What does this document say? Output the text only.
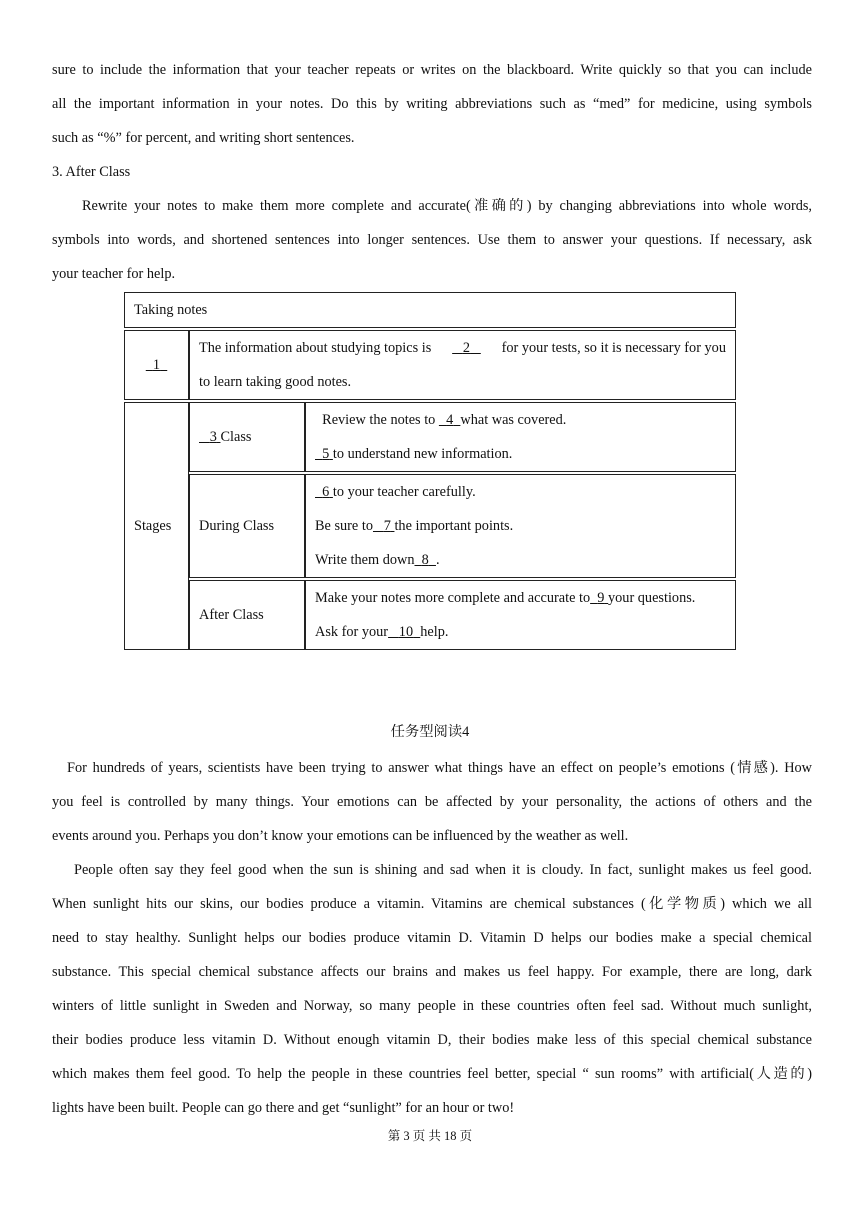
sure to include the information that your teacher repeats or writes on the blackboard. Write quickly so that you can include
all the important information in your notes. Do this by writing abbreviations such as “med” for medicine, using symbols
such as “%” for percent, and writing short sentences.
3. After Class
Rewrite your notes to make them more complete and accurate(准确的) by changing abbreviations into whole words,
symbols into words, and shortened sentences into longer sentences. Use them to answer your questions. If necessary, ask
your teacher for help.
Taking notes		
1	The information about studying topics is 2 for your tests, so it is necessary for you
to learn taking good notes.	

Stages	3 Class	Review the notes to 4 what was covered.
5 to understand new information.

	During Class	6 to your teacher carefully.
Be sure to 7 the important points.
Write them down 8 .

	After Class	Make your notes more complete and accurate to 9 your questions.
Ask for your 10 help.
任务型阅读4
For hundreds of years, scientists have been trying to answer what things have an effect on people’s emotions (情感). How
you feel is controlled by many things. Your emotions can be affected by your personality, the actions of others and the
events around you. Perhaps you don’t know your emotions can be influenced by the weather as well.
People often say they feel good when the sun is shining and sad when it is cloudy. In fact, sunlight makes us feel good.
When sunlight hits our skins, our bodies produce a vitamin. Vitamins are chemical substances (化学物质) which we all
need to stay healthy. Sunlight helps our bodies produce vitamin D. Vitamin D helps our bodies make a special chemical
substance. This special chemical substance affects our brains and makes us feel happy. For example, there are long, dark
winters of little sunlight in Sweden and Norway, so many people in these countries often feel sad. Without much sunlight,
their bodies produce less vitamin D. Without enough vitamin D, their bodies make less of this special chemical substance
which makes them feel good. To help the people in these countries feel better, special “ sun rooms” with artificial(人造的)
lights have been built. People can go there and get “sunlight” for an hour or two!
第 3 页 共 18 页
